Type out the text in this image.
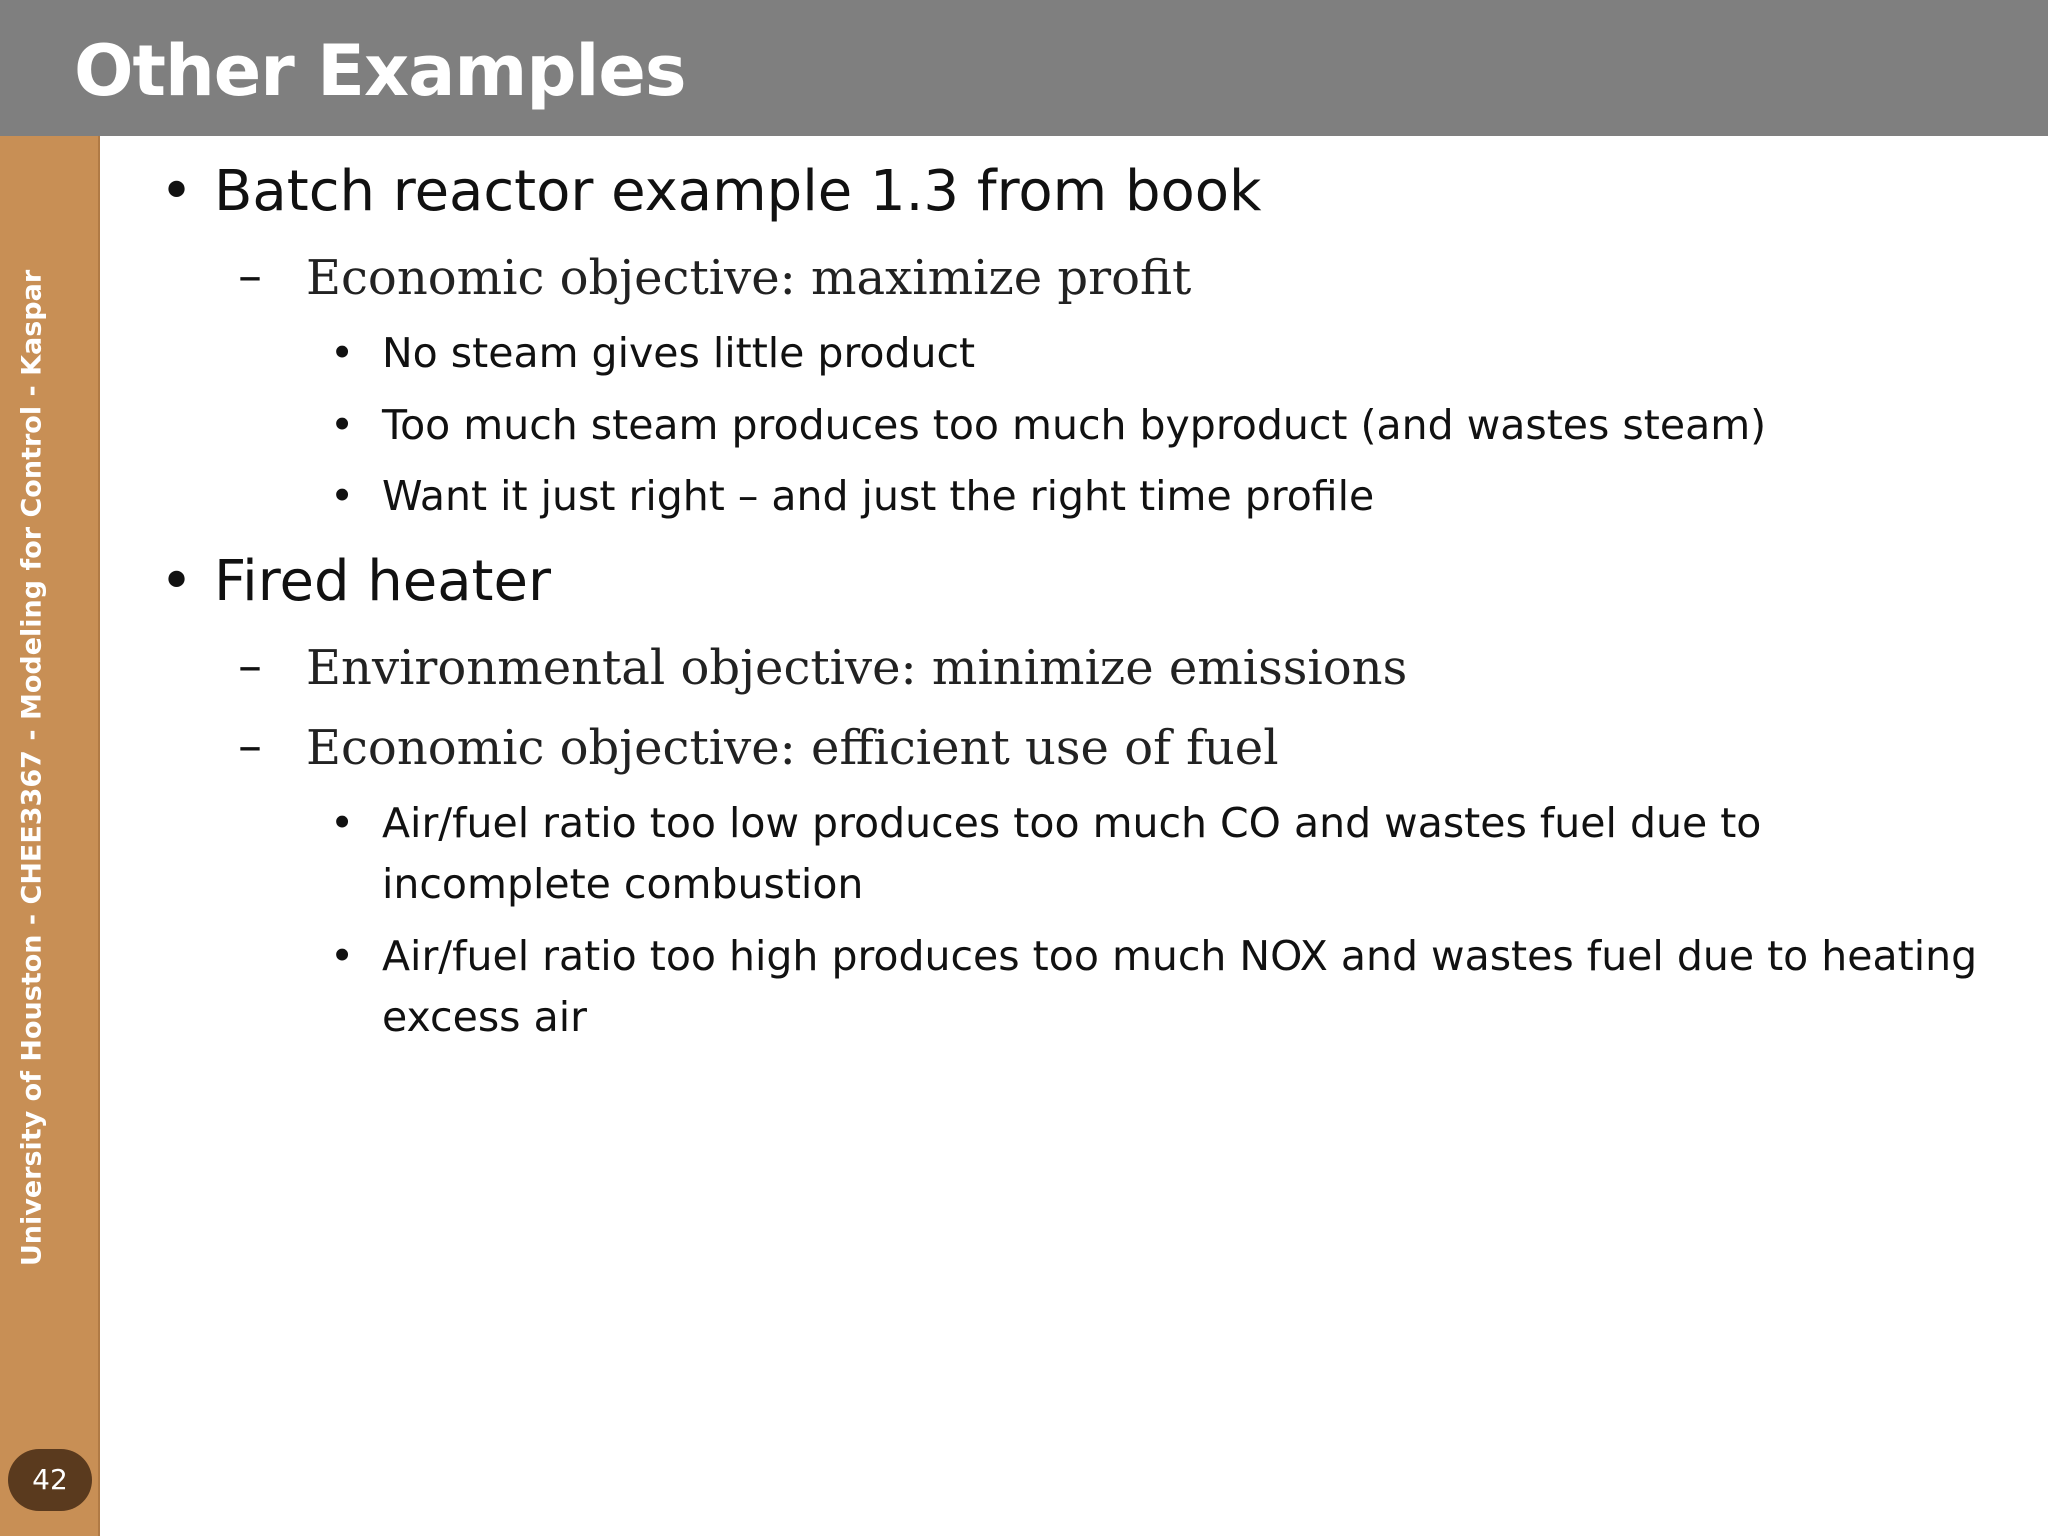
Other Examples
University of Houston - CHEE3367 - Modeling for Control - Kaspar
42
• Batch reactor example 1.3 from book
– Economic objective: maximize profit
• No steam gives little product
• Too much steam produces too much byproduct (and wastes steam)
• Want it just right – and just the right time profile
• Fired heater
– Environmental objective: minimize emissions
– Economic objective: efficient use of fuel
• Air/fuel ratio too low produces too much CO and wastes fuel due to incomplete combustion
• Air/fuel ratio too high produces too much NOX and wastes fuel due to heating excess air
